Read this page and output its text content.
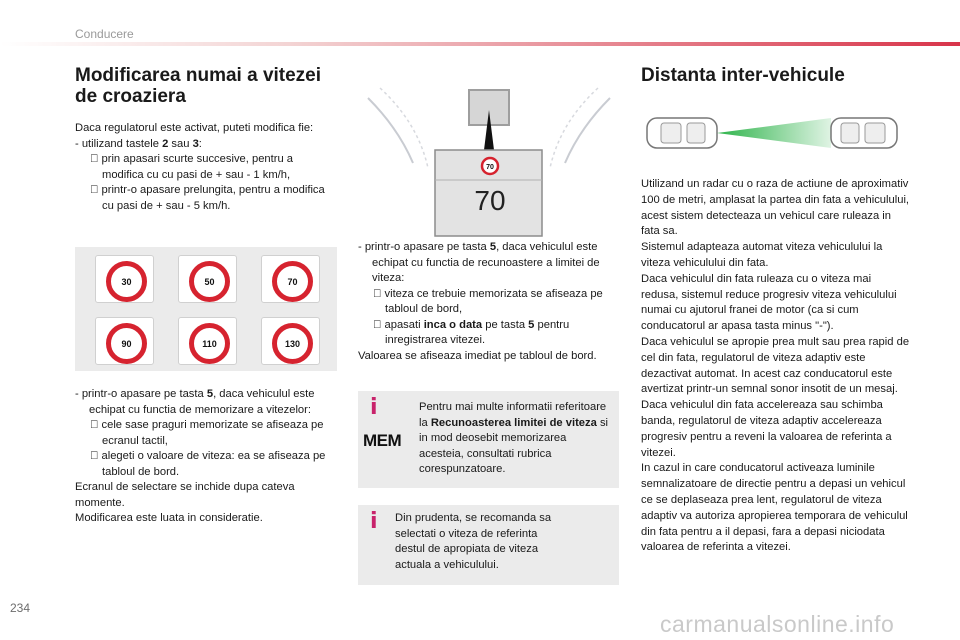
Conducere
Modificarea numai a vitezei de croaziera

Daca regulatorul este activat, puteti modifica fie:

- utilizand tastele 2 sau 3:

prin apasari scurte succesive, pentru a modifica cu cu pasi de + sau - 1 km/h,

printr-o apasare prelungita, pentru a modifica cu pasi de + sau - 5 km/h.

30	50	70
90	110	130

- printr-o apasare pe tasta 5, daca vehiculul este echipat cu functia de memorizare a vitezelor:

cele sase praguri memorizate se afiseaza pe ecranul tactil,

alegeti o valoare de viteza: ea se afiseaza pe tabloul de bord.

Ecranul de selectare se inchide dupa cateva momente.

Modificarea este luata in consideratie.

70
70

- printr-o apasare pe tasta 5, daca vehiculul este echipat cu functia de recunoastere a limitei de viteza:

viteza ce trebuie memorizata se afiseaza pe tabloul de bord,

apasati inca o data pe tasta 5 pentru inregistrarea vitezei.

Valoarea se afiseaza imediat pe tabloul de bord.

i
MEM
Pentru mai multe informatii referitoare la Recunoasterea limitei de viteza si in mod deosebit memorizarea acesteia, consultati rubrica corespunzatoare.
i Din prudenta, se recomanda sa selectati o viteza de referinta destul de apropiata de viteza actuala a vehiculului.
Distanta inter-vehicule

Utilizand un radar cu o raza de actiune de aproximativ 100 de metri, amplasat la partea din fata a vehiculului, acest sistem detecteaza un vehicul care ruleaza in fata sa.

Sistemul adapteaza automat viteza vehiculului la viteza vehiculului din fata.

Daca vehiculul din fata ruleaza cu o viteza mai redusa, sistemul reduce progresiv viteza vehiculului numai cu ajutorul franei de motor (ca si cum conducatorul ar apasa tasta minus "-").

Daca vehiculul se apropie prea mult sau prea rapid de cel din fata, regulatorul de viteza adaptiv este dezactivat automat. In acest caz conducatorul este avertizat printr-un semnal sonor insotit de un mesaj.

Daca vehiculul din fata accelereaza sau schimba banda, regulatorul de viteza adaptiv accelereaza progresiv pentru a reveni la valoarea de referinta a vitezei.

In cazul in care conducatorul activeaza luminile semnalizatoare de directie pentru a depasi un vehicul ce se deplaseaza prea lent, regulatorul de viteza adaptiv va autoriza apropierea temporara de vehiculul din fata pentru a il depasi, fara a depasi niciodata valoarea de referinta a vitezei.

234
carmanualsonline.info
